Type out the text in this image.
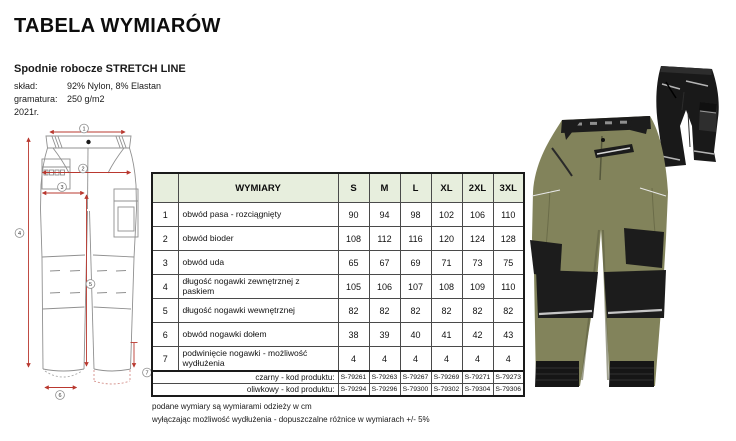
TABELA WYMIARÓW
Spodnie robocze STRETCH LINE
skład:	92% Nylon, 8% Elastan
gramatura:	250 g/m2
2021r.
1
2
3
4
5
6
7
	WYMIARY	S	M	L	XL	2XL	3XL
1	obwód pasa - rozciągnięty	90	94	98	102	106	110
2	obwód bioder	108	112	116	120	124	128
3	obwód uda	65	67	69	71	73	75
4	długość nogawki zewnętrznej z paskiem	105	106	107	108	109	110
5	długość nogawki wewnętrznej	82	82	82	82	82	82
6	obwód nogawki dołem	38	39	40	41	42	43
7	podwinięcie nogawki - możliwość wydłużenia	4	4	4	4	4	4
czarny - kod produktu:		S-79261	S-79263	S-79267	S-79269	S-79271	S-79273
oliwkowy - kod produktu:		S-79294	S-79296	S-79300	S-79302	S-79304	S-79306
podane wymiary są wymiarami odzieży w cm
wyłączając możliwość wydłużenia - dopuszczalne różnice w wymiarach +/- 5%
